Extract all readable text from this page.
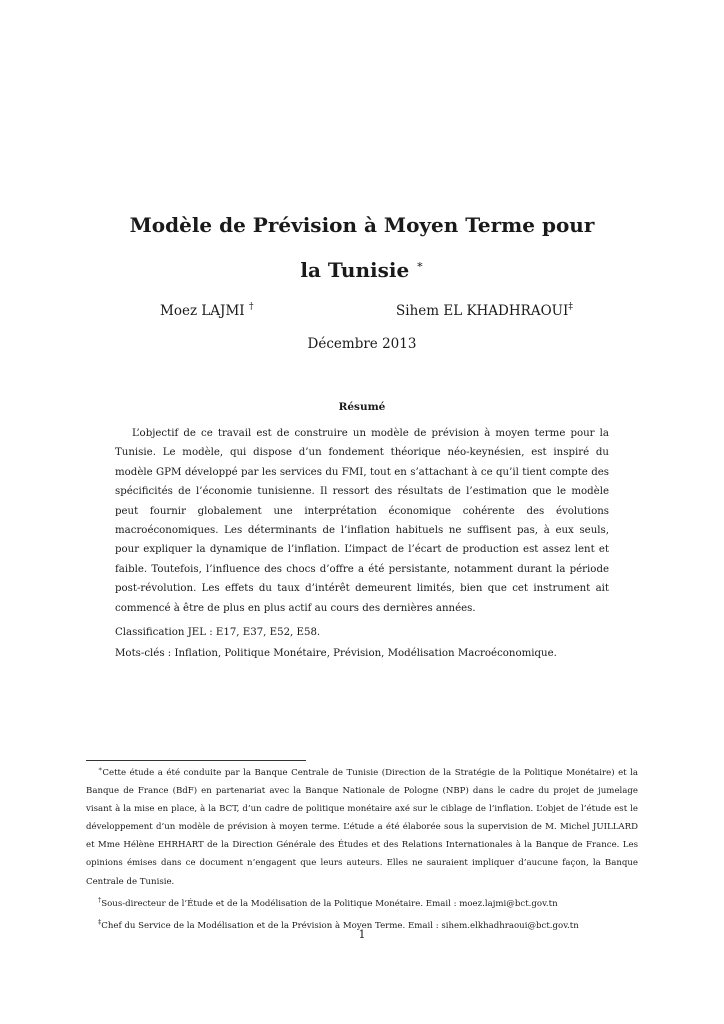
Modèle de Prévision à Moyen Terme pour
la Tunisie ∗
Moez LAJMI †	Sihem EL KHADHRAOUI‡
Décembre 2013
Résumé

L’objectif de ce travail est de construire un modèle de prévision à moyen terme pour la Tunisie. Le modèle, qui dispose d’un fondement théorique néo-keynésien, est inspiré du modèle GPM développé par les services du FMI, tout en s’attachant à ce qu’il tient compte des spécificités de l’économie tunisienne. Il ressort des résultats de l’estimation que le modèle peut fournir globalement une interprétation économique cohérente des évolutions macroéconomiques. Les déterminants de l’inflation habituels ne suffisent pas, à eux seuls, pour expliquer la dynamique de l’inflation. L’impact de l’écart de production est assez lent et faible. Toutefois, l’influence des chocs d’offre a été persistante, notamment durant la période post-révolution. Les effets du taux d’intérêt demeurent limités, bien que cet instrument ait commencé à être de plus en plus actif au cours des dernières années.

Classification JEL : E17, E37, E52, E58.
Mots-clés : Inflation, Politique Monétaire, Prévision, Modélisation Macroéconomique.

∗Cette étude a été conduite par la Banque Centrale de Tunisie (Direction de la Stratégie de la Politique Monétaire) et la Banque de France (BdF) en partenariat avec la Banque Nationale de Pologne (NBP) dans le cadre du projet de jumelage visant à la mise en place, à la BCT, d’un cadre de politique monétaire axé sur le ciblage de l’inflation. L’objet de l’étude est le développement d’un modèle de prévision à moyen terme. L’étude a été élaborée sous la supervision de M. Michel JUILLARD et Mme Hélène EHRHART de la Direction Générale des Études et des Relations Internationales à la Banque de France. Les opinions émises dans ce document n’engagent que leurs auteurs. Elles ne sauraient impliquer d’aucune façon, la Banque Centrale de Tunisie.

†Sous-directeur de l’Étude et de la Modélisation de la Politique Monétaire. Email : moez.lajmi@bct.gov.tn

‡Chef du Service de la Modélisation et de la Prévision à Moyen Terme. Email : sihem.elkhadhraoui@bct.gov.tn

1
